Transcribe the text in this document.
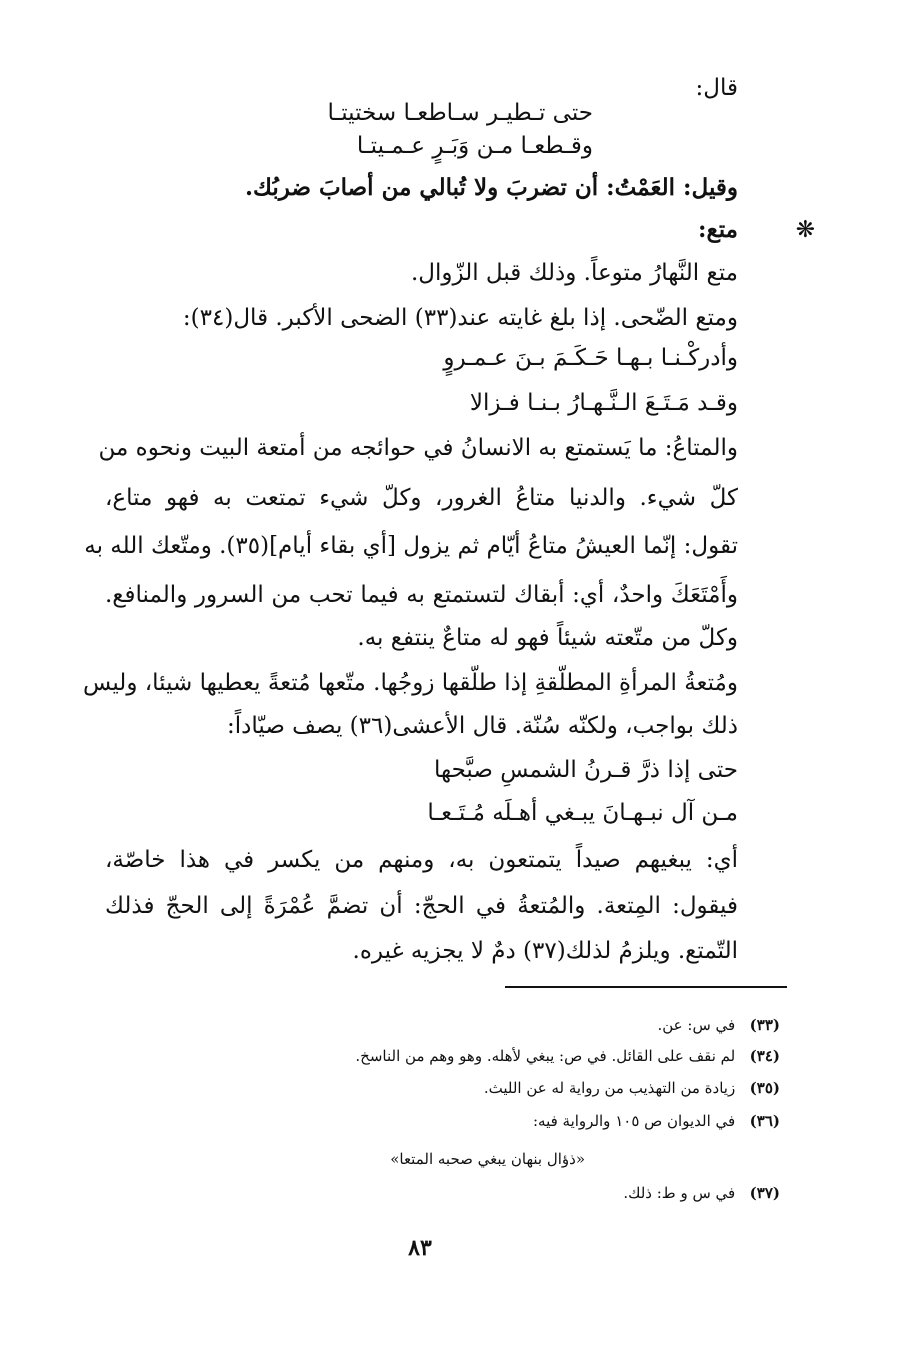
قال:
حتى تـطيـر سـاطعـا سختيتـا
وقـطعـا مـن وَبَـرٍ عـمـيتـا
وقيل: العَمْتُ: أن تضربَ ولا تُبالي من أصابَ ضربُك.
❋
متع:
متع النَّهارُ متوعاً. وذلك قبل الزّوال.
ومتع الضّحى. إذا بلغ غايته عند(٣٣) الضحى الأكبر. قال(٣٤):
وأدركْـنـا بـهـا حَـكَـمَ بـنَ عـمـروٍ
وقـد مَـتَـعَ الـنَّـهـارُ بـنـا فـزالا
والمتاعُ: ما يَستمتع به الانسانُ في حوائجه من أمتعة البيت ونحوه من
كلّ شيء. والدنيا متاعُ الغرور، وكلّ شيء تمتعت به فهو متاع،
تقول: إنّما العيشُ متاعُ أيّام ثم يزول [أي بقاء أيام](٣٥). ومتّعك الله به
وأَمْتَعَكَ واحدٌ، أي: أبقاك لتستمتع به فيما تحب من السرور والمنافع.
وكلّ من متّعته شيئاً فهو له متاعٌ ينتفع به.
ومُتعةُ المرأةِ المطلّقةِ إذا طلّقها زوجُها. متّعها مُتعةً يعطيها شيئا، وليس
ذلك بواجب، ولكنّه سُنّة. قال الأعشى(٣٦) يصف صيّاداً:
حتى إذا ذرَّ قـرنُ الشمسِ صبَّحها
مـن آل نبـهـانَ يبـغي أهـلَه مُـتَـعـا
أي: يبغيهم صيداً يتمتعون به، ومنهم من يكسر في هذا خاصّة،
فيقول: المِتعة. والمُتعةُ في الحجّ: أن تضمَّ عُمْرَةً إلى الحجّ فذلك
التّمتع. ويلزمُ لذلك(٣٧) دمٌ لا يجزيه غيره.
(٣٣) في س: عن.
(٣٤) لم نقف على القائل. في ص: يبغي لأهله. وهو وهم من الناسخ.
(٣٥) زيادة من التهذيب من رواية له عن الليث.
(٣٦) في الديوان ص ١٠٥ والرواية فيه:
«ذؤال بنهان يبغي صحبه المتعا»
(٣٧) في س و ط: ذلك.
٨٣
